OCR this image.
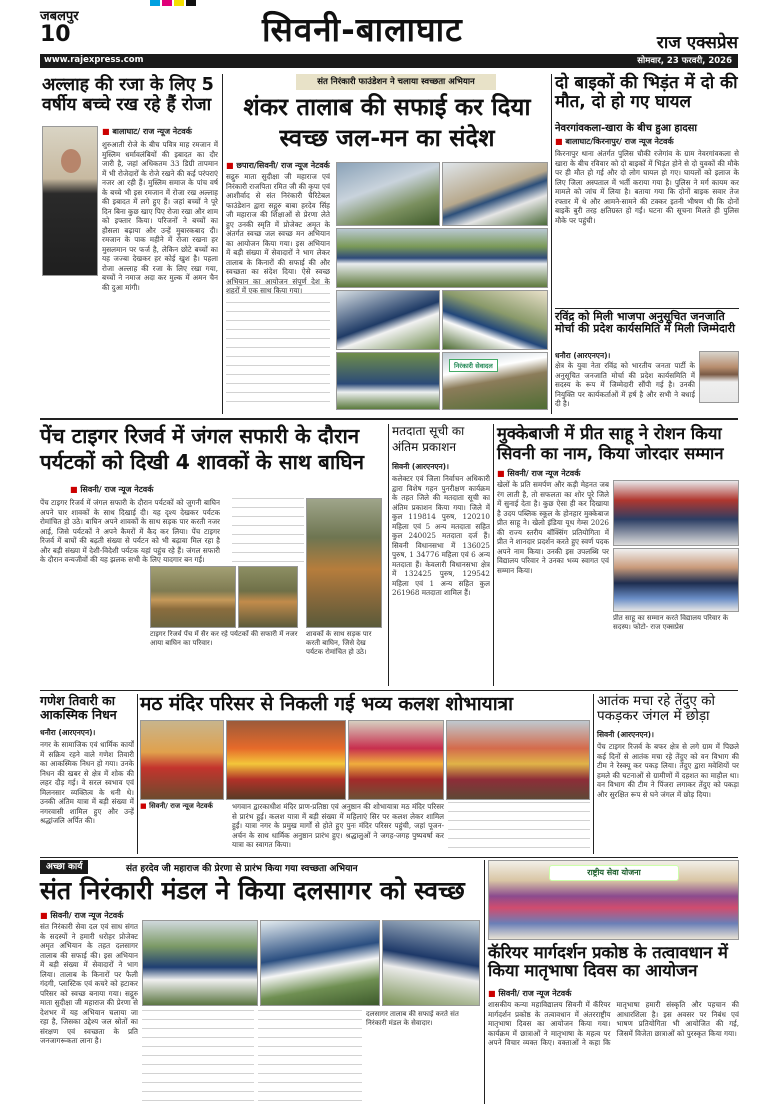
जबलपुर
10	सिवनी-बालाघाट	राज एक्सप्रेस
www.rajexpress.com	सोमवार, 23 फरवरी, 2026
अल्लाह की रजा के लिए 5 वर्षीय बच्चे रख रहे हैं रोजा
■ बालाघाट/ राज न्यूज नेटवर्क
शुरुआती रोजे के बीच पवित्र माह रमजान में मुस्लिम धर्मावलंबियों की इबादत का दौर जारी है, जहां अधिकतम 33 डिग्री तापमान में भी रोजेदारों के रोजे रखने की कई परंपराएं नजर आ रही हैं। मुस्लिम समाज के पांच वर्ष के बच्चे भी इस रमजान में रोजा रख अल्लाह की इबादत में लगे हुए हैं। जहां बच्चों ने पूरे दिन बिना कुछ खाए पिए रोजा रखा और शाम को इफ्तार किया। परिजनों ने बच्चों का हौसला बढ़ाया और उन्हें मुबारकबाद दी। रमजान के पाक महीने में रोजा रखना हर मुसलमान पर फर्ज है, लेकिन छोटे बच्चों का यह जज्बा देखकर हर कोई खुश है। पहला रोजा अल्लाह की रजा के लिए रखा गया, बच्चों ने नमाज अदा कर मुल्क में अमन चैन की दुआ मांगी।
संत निरंकारी फाउंडेशन ने चलाया स्वच्छता अभियान
शंकर तालाब की सफाई कर दिया स्वच्छ जल-मन का संदेश
■ छपारा/सिवनी/ राज न्यूज नेटवर्क
सद्गुरु माता सुदीक्षा जी महाराज एवं निरंकारी राजपिता रमित जी की कृपा एवं आशीर्वाद से संत निरंकारी चैरिटेबल फाउंडेशन द्वारा सद्गुरु बाबा हरदेव सिंह जी महाराज की शिक्षाओं से प्रेरणा लेते हुए उनकी स्मृति में प्रोजेक्ट अमृत के अंतर्गत स्वच्छ जल स्वच्छ मन अभियान का आयोजन किया गया। इस अभियान में बड़ी संख्या में सेवादारों ने भाग लेकर तालाब के किनारों की सफाई की और स्वच्छता का संदेश दिया। ऐसे स्वच्छ अभियान का आयोजन संपूर्ण देश के शहरों में एक साथ किया गया।
निरंकारी सेवादल
दो बाइकों की भिड़ंत में दो की मौत, दो हो गए घायल
नेवरगांवकला-खारा के बीच हुआ हादसा
■ बालाघाट/किरनापुर/ राज न्यूज नेटवर्क
किरनापुर थाना अंतर्गत पुलिस चौकी रजेगांव के ग्राम नेवरगांवकला से खारा के बीच रविवार को दो बाइकों में भिड़ंत होने से दो युवकों की मौके पर ही मौत हो गई और दो लोग घायल हो गए। घायलों को इलाज के लिए जिला अस्पताल में भर्ती कराया गया है। पुलिस ने मर्ग कायम कर मामले को जांच में लिया है। बताया गया कि दोनों बाइक सवार तेज रफ्तार में थे और आमने-सामने की टक्कर इतनी भीषण थी कि दोनों बाइकें बुरी तरह क्षतिग्रस्त हो गईं। घटना की सूचना मिलते ही पुलिस मौके पर पहुंची।
रविंद्र को मिली भाजपा अनुसूचित जनजाति मोर्चा की प्रदेश कार्यसमिति में मिली जिम्मेदारी
धनौरा (आरएनएन)।
क्षेत्र के युवा नेता रविंद्र को भारतीय जनता पार्टी के अनुसूचित जनजाति मोर्चा की प्रदेश कार्यसमिति में सदस्य के रूप में जिम्मेदारी सौंपी गई है। उनकी नियुक्ति पर कार्यकर्ताओं में हर्ष है और सभी ने बधाई दी है।
पेंच टाइगर रिजर्व में जंगल सफारी के दौरान पर्यटकों को दिखी 4 शावकों के साथ बाघिन
■ सिवनी/ राज न्यूज नेटवर्क
पेंच टाइगर रिजर्व में जंगल सफारी के दौरान पर्यटकों को जुगनी बाघिन अपने चार शावकों के साथ दिखाई दी। यह दृश्य देखकर पर्यटक रोमांचित हो उठे। बाघिन अपने शावकों के साथ सड़क पार करती नजर आई, जिसे पर्यटकों ने अपने कैमरों में कैद कर लिया। पेंच टाइगर रिजर्व में बाघों की बढ़ती संख्या से पर्यटन को भी बढ़ावा मिल रहा है और बड़ी संख्या में देशी-विदेशी पर्यटक यहां पहुंच रहे हैं। जंगल सफारी के दौरान वन्यजीवों की यह झलक सभी के लिए यादगार बन गई।
टाइगर रिजर्व पेंच में सैर कर रहे पर्यटकों की सफारी में नजर आया बाघिन का परिवार।
शावकों के साथ सड़क पार करती बाघिन, जिसे देख पर्यटक रोमांचित हो उठे।
मतदाता सूची का अंतिम प्रकाशन
सिवनी (आरएनएन)।
कलेक्टर एवं जिला निर्वाचन अधिकारी द्वारा विशेष गहन पुनरीक्षण कार्यक्रम के तहत जिले की मतदाता सूची का अंतिम प्रकाशन किया गया। जिले में कुल 119814 पुरुष, 120210 महिला एवं 5 अन्य मतदाता सहित कुल 240025 मतदाता दर्ज हैं। सिवनी विधानसभा में 136025 पुरुष, 1 34776 महिला एवं 6 अन्य मतदाता हैं। केवलारी विधानसभा क्षेत्र में 132425 पुरुष, 129542 महिला एवं 1 अन्य सहित कुल 261968 मतदाता शामिल हैं।
मुक्केबाजी में प्रीत साहू ने रोशन किया सिवनी का नाम, किया जोरदार सम्मान
■ सिवनी/ राज न्यूज नेटवर्क
खेलों के प्रति समर्पण और कड़ी मेहनत जब रंग लाती है, तो सफलता का शोर पूरे जिले में सुनाई देता है। कुछ ऐसा ही कर दिखाया है उदय पब्लिक स्कूल के होनहार मुक्केबाज प्रीत साहू ने। खेलो इंडिया यूथ गेम्स 2026 की राज्य स्तरीय बॉक्सिंग प्रतियोगिता में प्रीत ने शानदार प्रदर्शन करते हुए स्वर्ण पदक अपने नाम किया। उनकी इस उपलब्धि पर विद्यालय परिवार ने उनका भव्य स्वागत एवं सम्मान किया।
प्रीत साहू का सम्मान करते विद्यालय परिवार के सदस्य। फोटो- राज एक्सप्रेस
गणेश तिवारी का आकस्मिक निधन
धनौरा (आरएनएन)।
नगर के सामाजिक एवं धार्मिक कार्यों में सक्रिय रहने वाले गणेश तिवारी का आकस्मिक निधन हो गया। उनके निधन की खबर से क्षेत्र में शोक की लहर दौड़ गई। वे सरल स्वभाव एवं मिलनसार व्यक्तित्व के धनी थे। उनकी अंतिम यात्रा में बड़ी संख्या में नगरवासी शामिल हुए और उन्हें श्रद्धांजलि अर्पित की।
मठ मंदिर परिसर से निकली गई भव्य कलश शोभायात्रा
■ सिवनी/ राज न्यूज नेटवर्क	भगवान द्वारकाधीश मंदिर प्राण-प्रतिष्ठा एवं अनुष्ठान की शोभायात्रा मठ मंदिर परिसर से प्रारंभ हुई। कलश यात्रा में बड़ी संख्या में महिलाएं सिर पर कलश लेकर शामिल हुईं। यात्रा नगर के प्रमुख मार्गों से होते हुए पुनः मंदिर परिसर पहुंची, जहां पूजन-अर्चन के साथ धार्मिक अनुष्ठान प्रारंभ हुए। श्रद्धालुओं ने जगह-जगह पुष्पवर्षा कर यात्रा का स्वागत किया।
आतंक मचा रहे तेंदुए को पकड़कर जंगल में छोड़ा
सिवनी (आरएनएन)।
पेंच टाइगर रिजर्व के बफर क्षेत्र से लगे ग्राम में पिछले कई दिनों से आतंक मचा रहे तेंदुए को वन विभाग की टीम ने रेस्क्यू कर पकड़ लिया। तेंदुए द्वारा मवेशियों पर हमले की घटनाओं से ग्रामीणों में दहशत का माहौल था। वन विभाग की टीम ने पिंजरा लगाकर तेंदुए को पकड़ा और सुरक्षित रूप से घने जंगल में छोड़ दिया।
अच्छा कार्य	संत हरदेव जी महाराज की प्रेरणा से प्रारंभ किया गया स्वच्छता अभियान
संत निरंकारी मंडल ने किया दलसागर को स्वच्छ
■ सिवनी/ राज न्यूज नेटवर्क
संत निरंकारी सेवा दल एवं साध संगत के सदस्यों ने हमारी धरोहर प्रोजेक्ट अमृत अभियान के तहत दलसागर तालाब की सफाई की। इस अभियान में बड़ी संख्या में सेवादारों ने भाग लिया। तालाब के किनारों पर फैली गंदगी, प्लास्टिक एवं कचरे को हटाकर परिसर को स्वच्छ बनाया गया। सद्गुरु माता सुदीक्षा जी महाराज की प्रेरणा से देशभर में यह अभियान चलाया जा रहा है, जिसका उद्देश्य जल स्रोतों का संरक्षण एवं स्वच्छता के प्रति जनजागरूकता लाना है।
दलसागर तालाब की सफाई करते संत निरंकारी मंडल के सेवादार।
राष्ट्रीय सेवा योजना
कॅरियर मार्गदर्शन प्रकोष्ठ के तत्वावधान में किया मातृभाषा दिवस का आयोजन
■ सिवनी/ राज न्यूज नेटवर्क
शासकीय कन्या महाविद्यालय सिवनी में कॅरियर मार्गदर्शन प्रकोष्ठ के तत्वावधान में अंतरराष्ट्रीय मातृभाषा दिवस का आयोजन किया गया। कार्यक्रम में छात्राओं ने मातृभाषा के महत्व पर अपने विचार व्यक्त किए। वक्ताओं ने कहा कि मातृभाषा हमारी संस्कृति और पहचान की आधारशिला है। इस अवसर पर निबंध एवं भाषण प्रतियोगिता भी आयोजित की गई, जिसमें विजेता छात्राओं को पुरस्कृत किया गया।
